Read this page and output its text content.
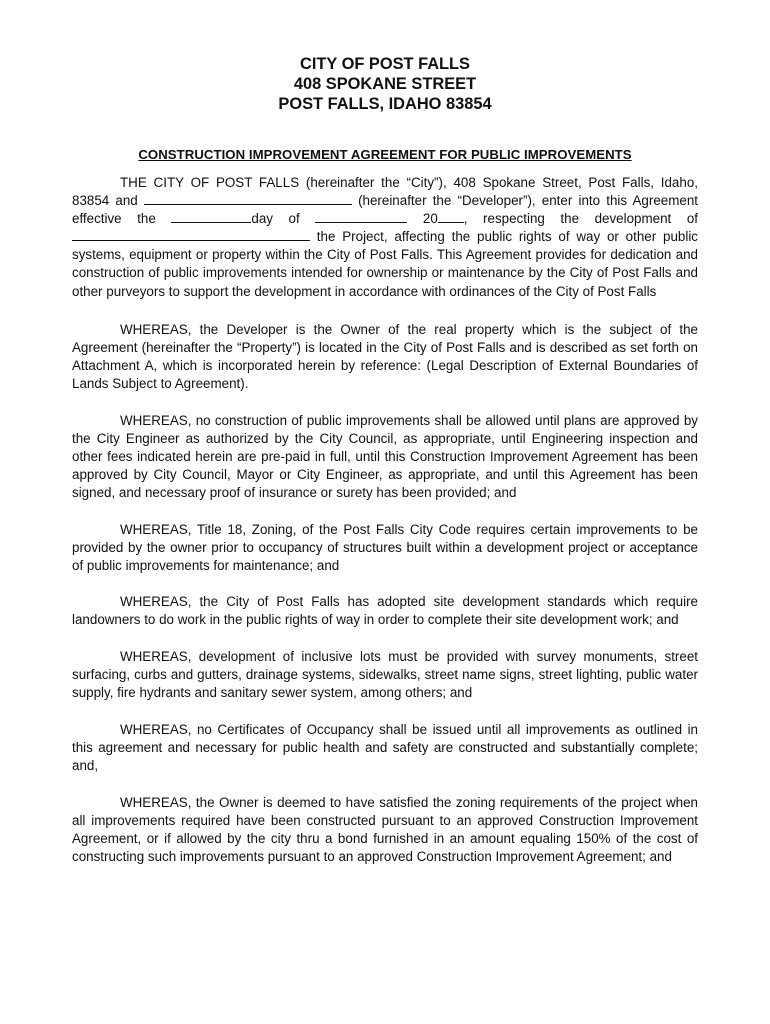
CITY OF POST FALLS
408 SPOKANE STREET
POST FALLS, IDAHO 83854
CONSTRUCTION IMPROVEMENT AGREEMENT FOR PUBLIC IMPROVEMENTS

THE CITY OF POST FALLS (hereinafter the “City”), 408 Spokane Street, Post Falls, Idaho, 83854 and	(hereinafter the “Developer”), enter into this Agreement effective the	day of	20 , respecting the development of  the Project, affecting the public rights of way or other public systems, equipment or property within the City of Post Falls. This Agreement provides for dedication and construction of public improvements intended for ownership or maintenance by the City of Post Falls and other purveyors to support the development in accordance with ordinances of the City of Post Falls

WHEREAS, the Developer is the Owner of the real property which is the subject of the Agreement (hereinafter the “Property”) is located in the City of Post Falls and is described as set forth on Attachment A, which is incorporated herein by reference: (Legal Description of External Boundaries of Lands Subject to Agreement).

WHEREAS, no construction of public improvements shall be allowed until plans are approved by the City Engineer as authorized by the City Council, as appropriate, until Engineering inspection and other fees indicated herein are pre-paid in full, until this Construction Improvement Agreement has been approved by City Council, Mayor or City Engineer, as appropriate, and until this Agreement has been signed, and necessary proof of insurance or surety has been provided; and

WHEREAS, Title 18, Zoning, of the Post Falls City Code requires certain improvements to be provided by the owner prior to occupancy of structures built within a development project or acceptance of public improvements for maintenance; and

WHEREAS, the City of Post Falls has adopted site development standards which require landowners to do work in the public rights of way in order to complete their site development work; and

WHEREAS, development of inclusive lots must be provided with survey monuments, street surfacing, curbs and gutters, drainage systems, sidewalks, street name signs, street lighting, public water supply, fire hydrants and sanitary sewer system, among others; and

WHEREAS, no Certificates of Occupancy shall be issued until all improvements as outlined in this agreement and necessary for public health and safety are constructed and substantially complete; and,

WHEREAS, the Owner is deemed to have satisfied the zoning requirements of the project when all improvements required have been constructed pursuant to an approved Construction Improvement Agreement, or if allowed by the city thru a bond furnished in an amount equaling 150% of the cost of constructing such improvements pursuant to an approved Construction Improvement Agreement; and
